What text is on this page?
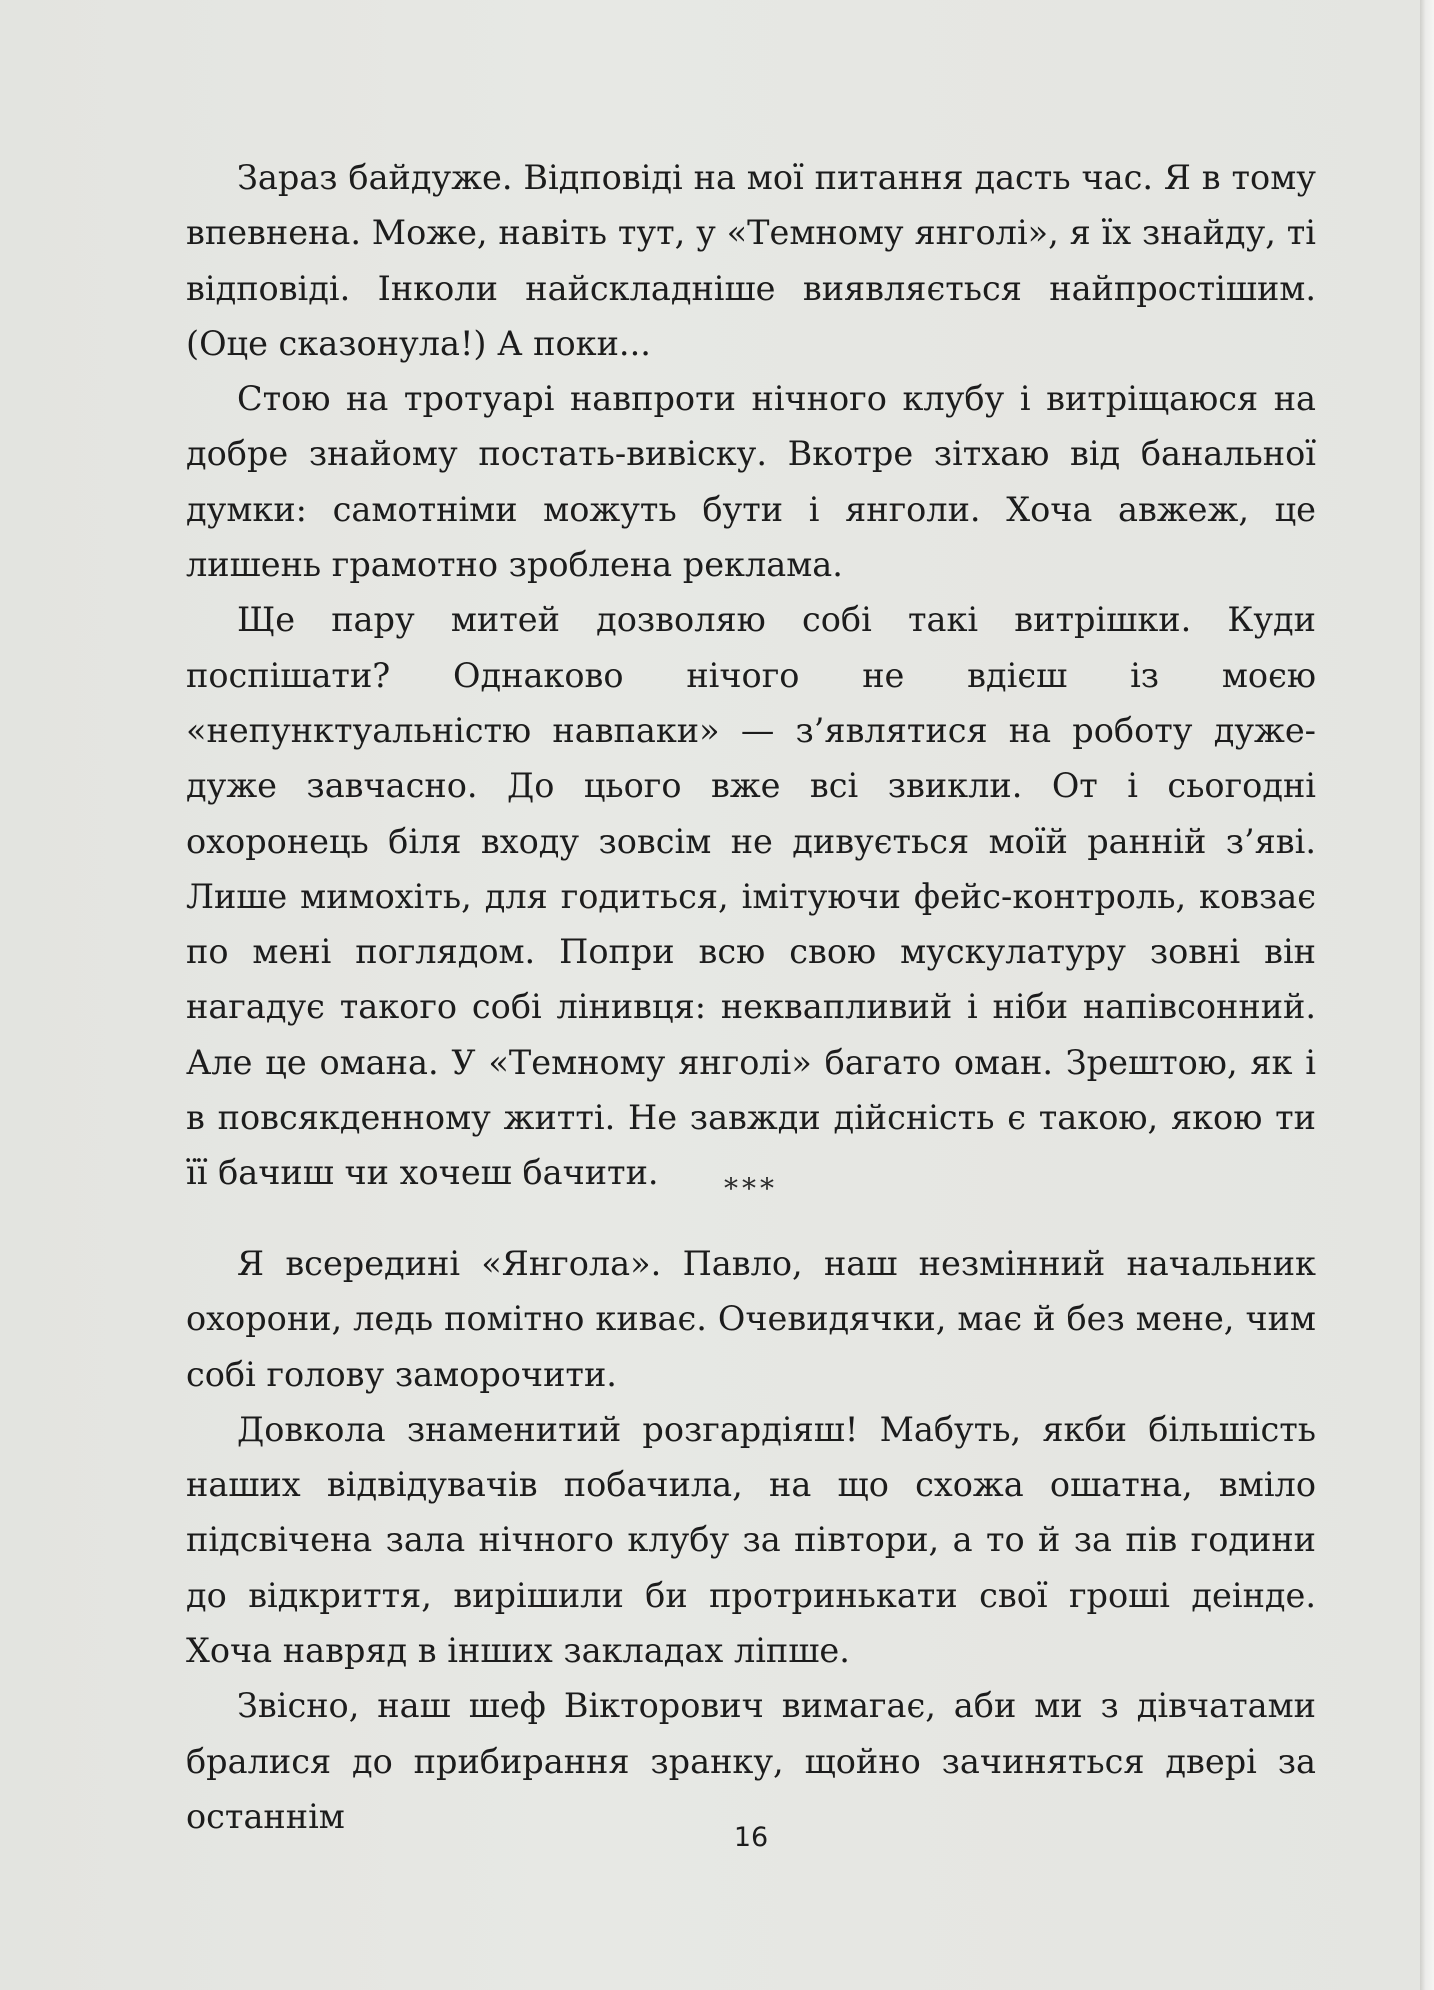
Зараз байдуже. Відповіді на мої питання дасть час. Я в тому впевнена. Може, навіть тут, у «Темному янголі», я їх знайду, ті відповіді. Інколи найскладніше виявляється найпростішим. (Оце сказонула!) А поки...

Стою на тротуарі навпроти нічного клубу і витріщаюся на добре знайому постать-вивіску. Вкотре зітхаю від банальної думки: самотніми можуть бути і янголи. Хоча авжеж, це лишень грамотно зроблена реклама.

Ще пару митей дозволяю собі такі витрішки. Куди поспішати? Однаково нічого не вдієш із моєю «непунктуальністю навпаки» — з’являтися на роботу дуже-дуже завчасно. До цього вже всі звикли. От і сьогодні охоронець біля входу зовсім не дивується моїй ранній з’яві. Лише мимохіть, для годиться, імітуючи фейс-контроль, ковзає по мені поглядом. Попри всю свою мускулатуру зовні він нагадує такого собі лінивця: неквапливий і ніби напівсонний. Але це омана. У «Темному янголі» багато оман. Зрештою, як і в повсякденному житті. Не завжди дійсність є такою, якою ти її бачиш чи хочеш бачити.	***

Я всередині «Янгола». Павло, наш незмінний начальник охорони, ледь помітно киває. Очевидячки, має й без мене, чим собі голову заморочити.

Довкола знаменитий розгардіяш! Мабуть, якби більшість наших відвідувачів побачила, на що схожа ошатна, вміло підсвічена зала нічного клубу за півтори, а то й за пів години до відкриття, вирішили би протринькати свої гроші деінде. Хоча навряд в інших закладах ліпше.

Звісно, наш шеф Вікторович вимагає, аби ми з дівчатами бралися до прибирання зранку, щойно зачиняться двері за останнім

16
